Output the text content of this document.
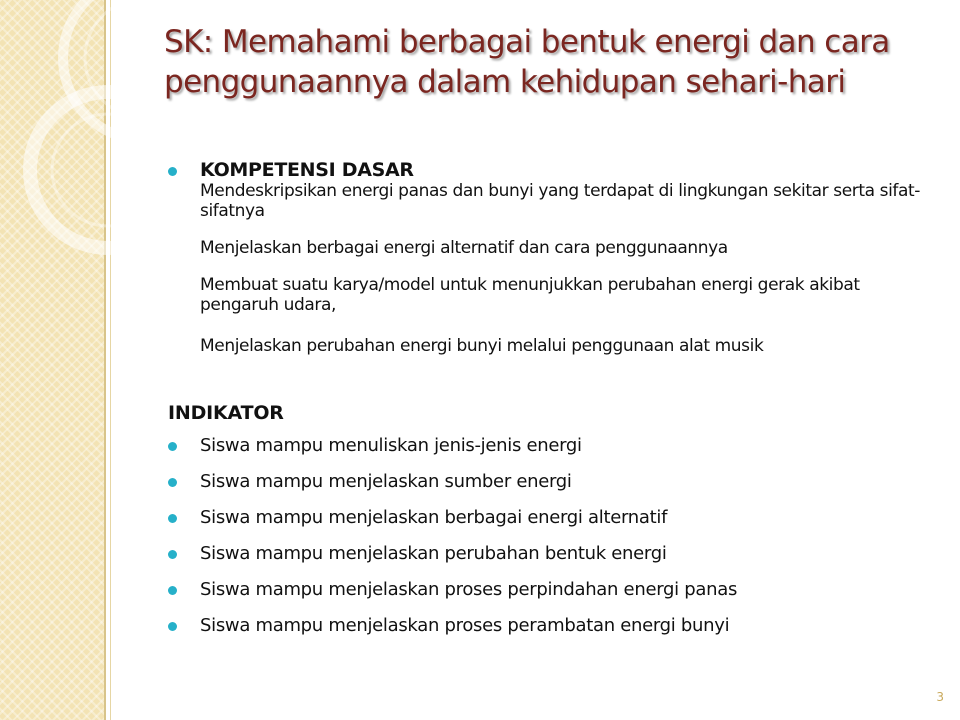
SK: Memahami berbagai bentuk energi dan cara penggunaannya dalam kehidupan sehari-hari
KOMPETENSI DASAR
Mendeskripsikan energi panas dan bunyi yang terdapat di lingkungan sekitar serta sifat-sifatnya
Menjelaskan berbagai energi alternatif dan cara penggunaannya
Membuat suatu karya/model untuk menunjukkan perubahan energi gerak akibat pengaruh udara,
Menjelaskan perubahan energi bunyi melalui penggunaan alat musik
INDIKATOR
Siswa mampu menuliskan jenis-jenis energi
Siswa mampu menjelaskan sumber energi
Siswa mampu menjelaskan berbagai energi alternatif
Siswa mampu menjelaskan perubahan bentuk energi
Siswa mampu menjelaskan proses perpindahan energi panas
Siswa mampu menjelaskan proses perambatan energi bunyi
3
